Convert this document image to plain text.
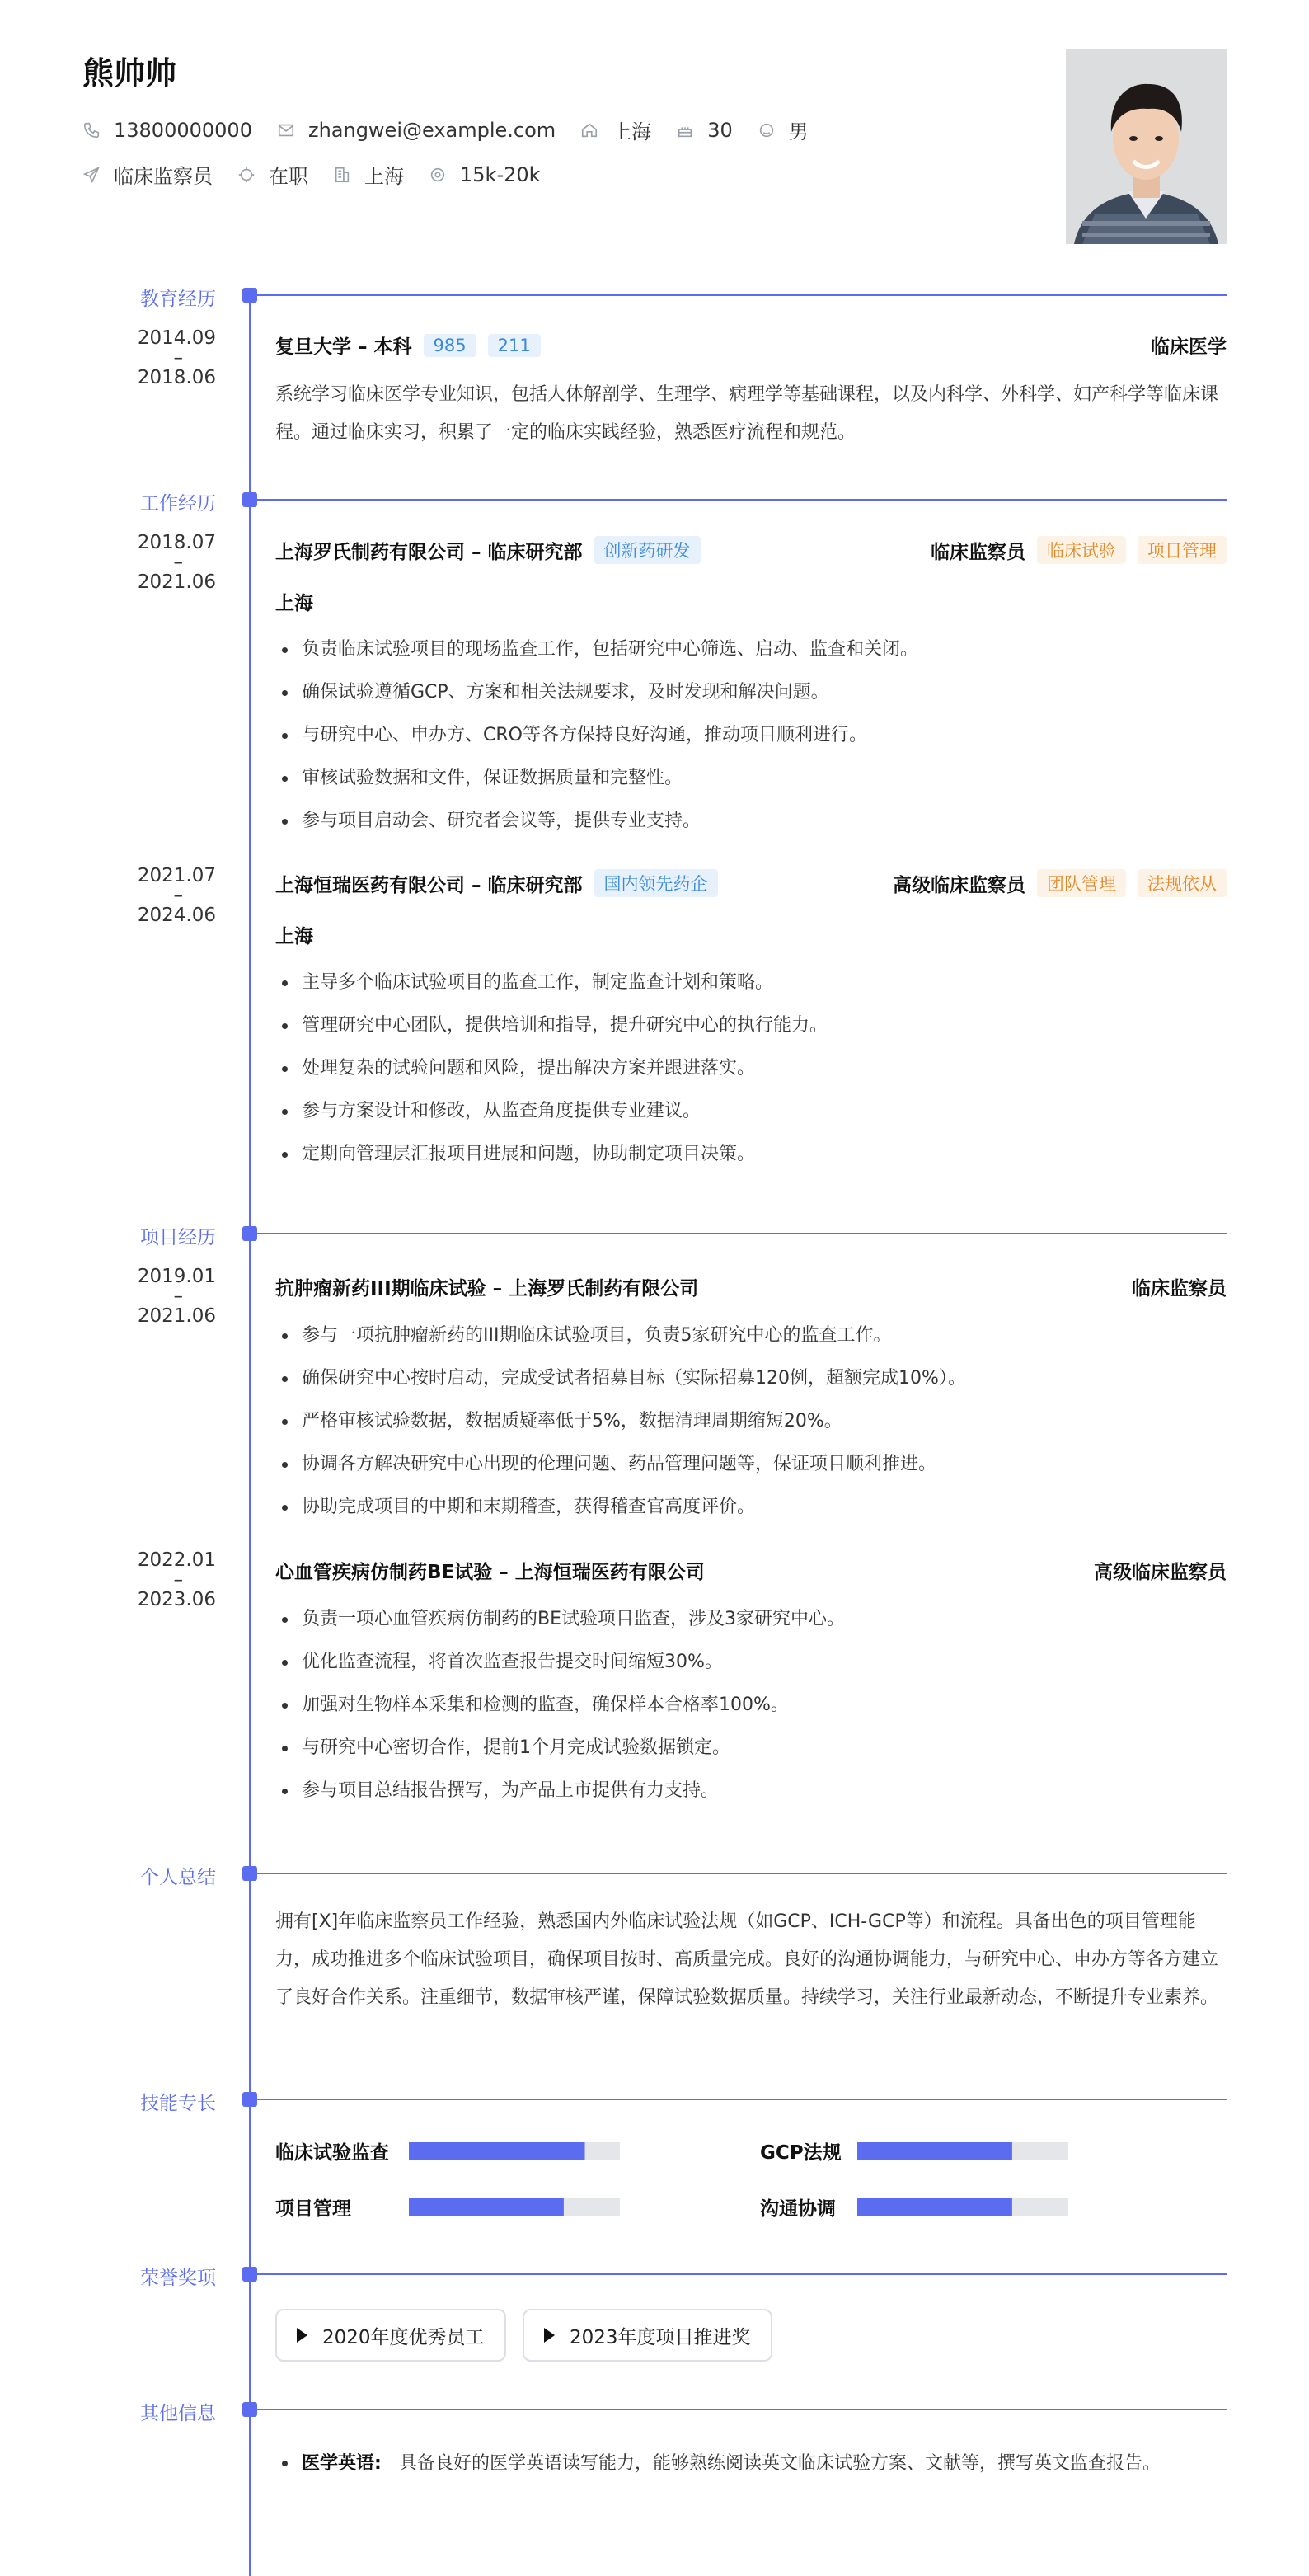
熊帅帅
13800000000	zhangwei@example.com	上海	30	男
临床监察员	在职	上海	15k-20k
教育经历
2014.09
–
2018.06
复旦大学 – 本科	985	211	临床医学
系统学习临床医学专业知识，包括人体解剖学、生理学、病理学等基础课程，以及内科学、外科学、妇产科学等临床课程。通过临床实习，积累了一定的临床实践经验，熟悉医疗流程和规范。
工作经历
2018.07
–
2021.06
上海罗氏制药有限公司 – 临床研究部	创新药研发	临床监察员	临床试验	项目管理
上海
负责临床试验项目的现场监查工作，包括研究中心筛选、启动、监查和关闭。
确保试验遵循GCP、方案和相关法规要求，及时发现和解决问题。
与研究中心、申办方、CRO等各方保持良好沟通，推动项目顺利进行。
审核试验数据和文件，保证数据质量和完整性。
参与项目启动会、研究者会议等，提供专业支持。
2021.07
–
2024.06
上海恒瑞医药有限公司 – 临床研究部	国内领先药企	高级临床监察员	团队管理	法规依从
上海
主导多个临床试验项目的监查工作，制定监查计划和策略。
管理研究中心团队，提供培训和指导，提升研究中心的执行能力。
处理复杂的试验问题和风险，提出解决方案并跟进落实。
参与方案设计和修改，从监查角度提供专业建议。
定期向管理层汇报项目进展和问题，协助制定项目决策。
项目经历
2019.01
–
2021.06
抗肿瘤新药III期临床试验 – 上海罗氏制药有限公司	临床监察员
参与一项抗肿瘤新药的III期临床试验项目，负责5家研究中心的监查工作。
确保研究中心按时启动，完成受试者招募目标（实际招募120例，超额完成10%）。
严格审核试验数据，数据质疑率低于5%，数据清理周期缩短20%。
协调各方解决研究中心出现的伦理问题、药品管理问题等，保证项目顺利推进。
协助完成项目的中期和末期稽查，获得稽查官高度评价。
2022.01
–
2023.06
心血管疾病仿制药BE试验 – 上海恒瑞医药有限公司	高级临床监察员
负责一项心血管疾病仿制药的BE试验项目监查，涉及3家研究中心。
优化监查流程，将首次监查报告提交时间缩短30%。
加强对生物样本采集和检测的监查，确保样本合格率100%。
与研究中心密切合作，提前1个月完成试验数据锁定。
参与项目总结报告撰写，为产品上市提供有力支持。
个人总结
拥有[X]年临床监察员工作经验，熟悉国内外临床试验法规（如GCP、ICH-GCP等）和流程。具备出色的项目管理能力，成功推进多个临床试验项目，确保项目按时、高质量完成。良好的沟通协调能力，与研究中心、申办方等各方建立了良好合作关系。注重细节，数据审核严谨，保障试验数据质量。持续学习，关注行业最新动态，不断提升专业素养。
技能专长
临床试验监查	GCP法规
项目管理	沟通协调
荣誉奖项
2020年度优秀员工	2023年度项目推进奖
其他信息
医学英语: 具备良好的医学英语读写能力，能够熟练阅读英文临床试验方案、文献等，撰写英文监查报告。
